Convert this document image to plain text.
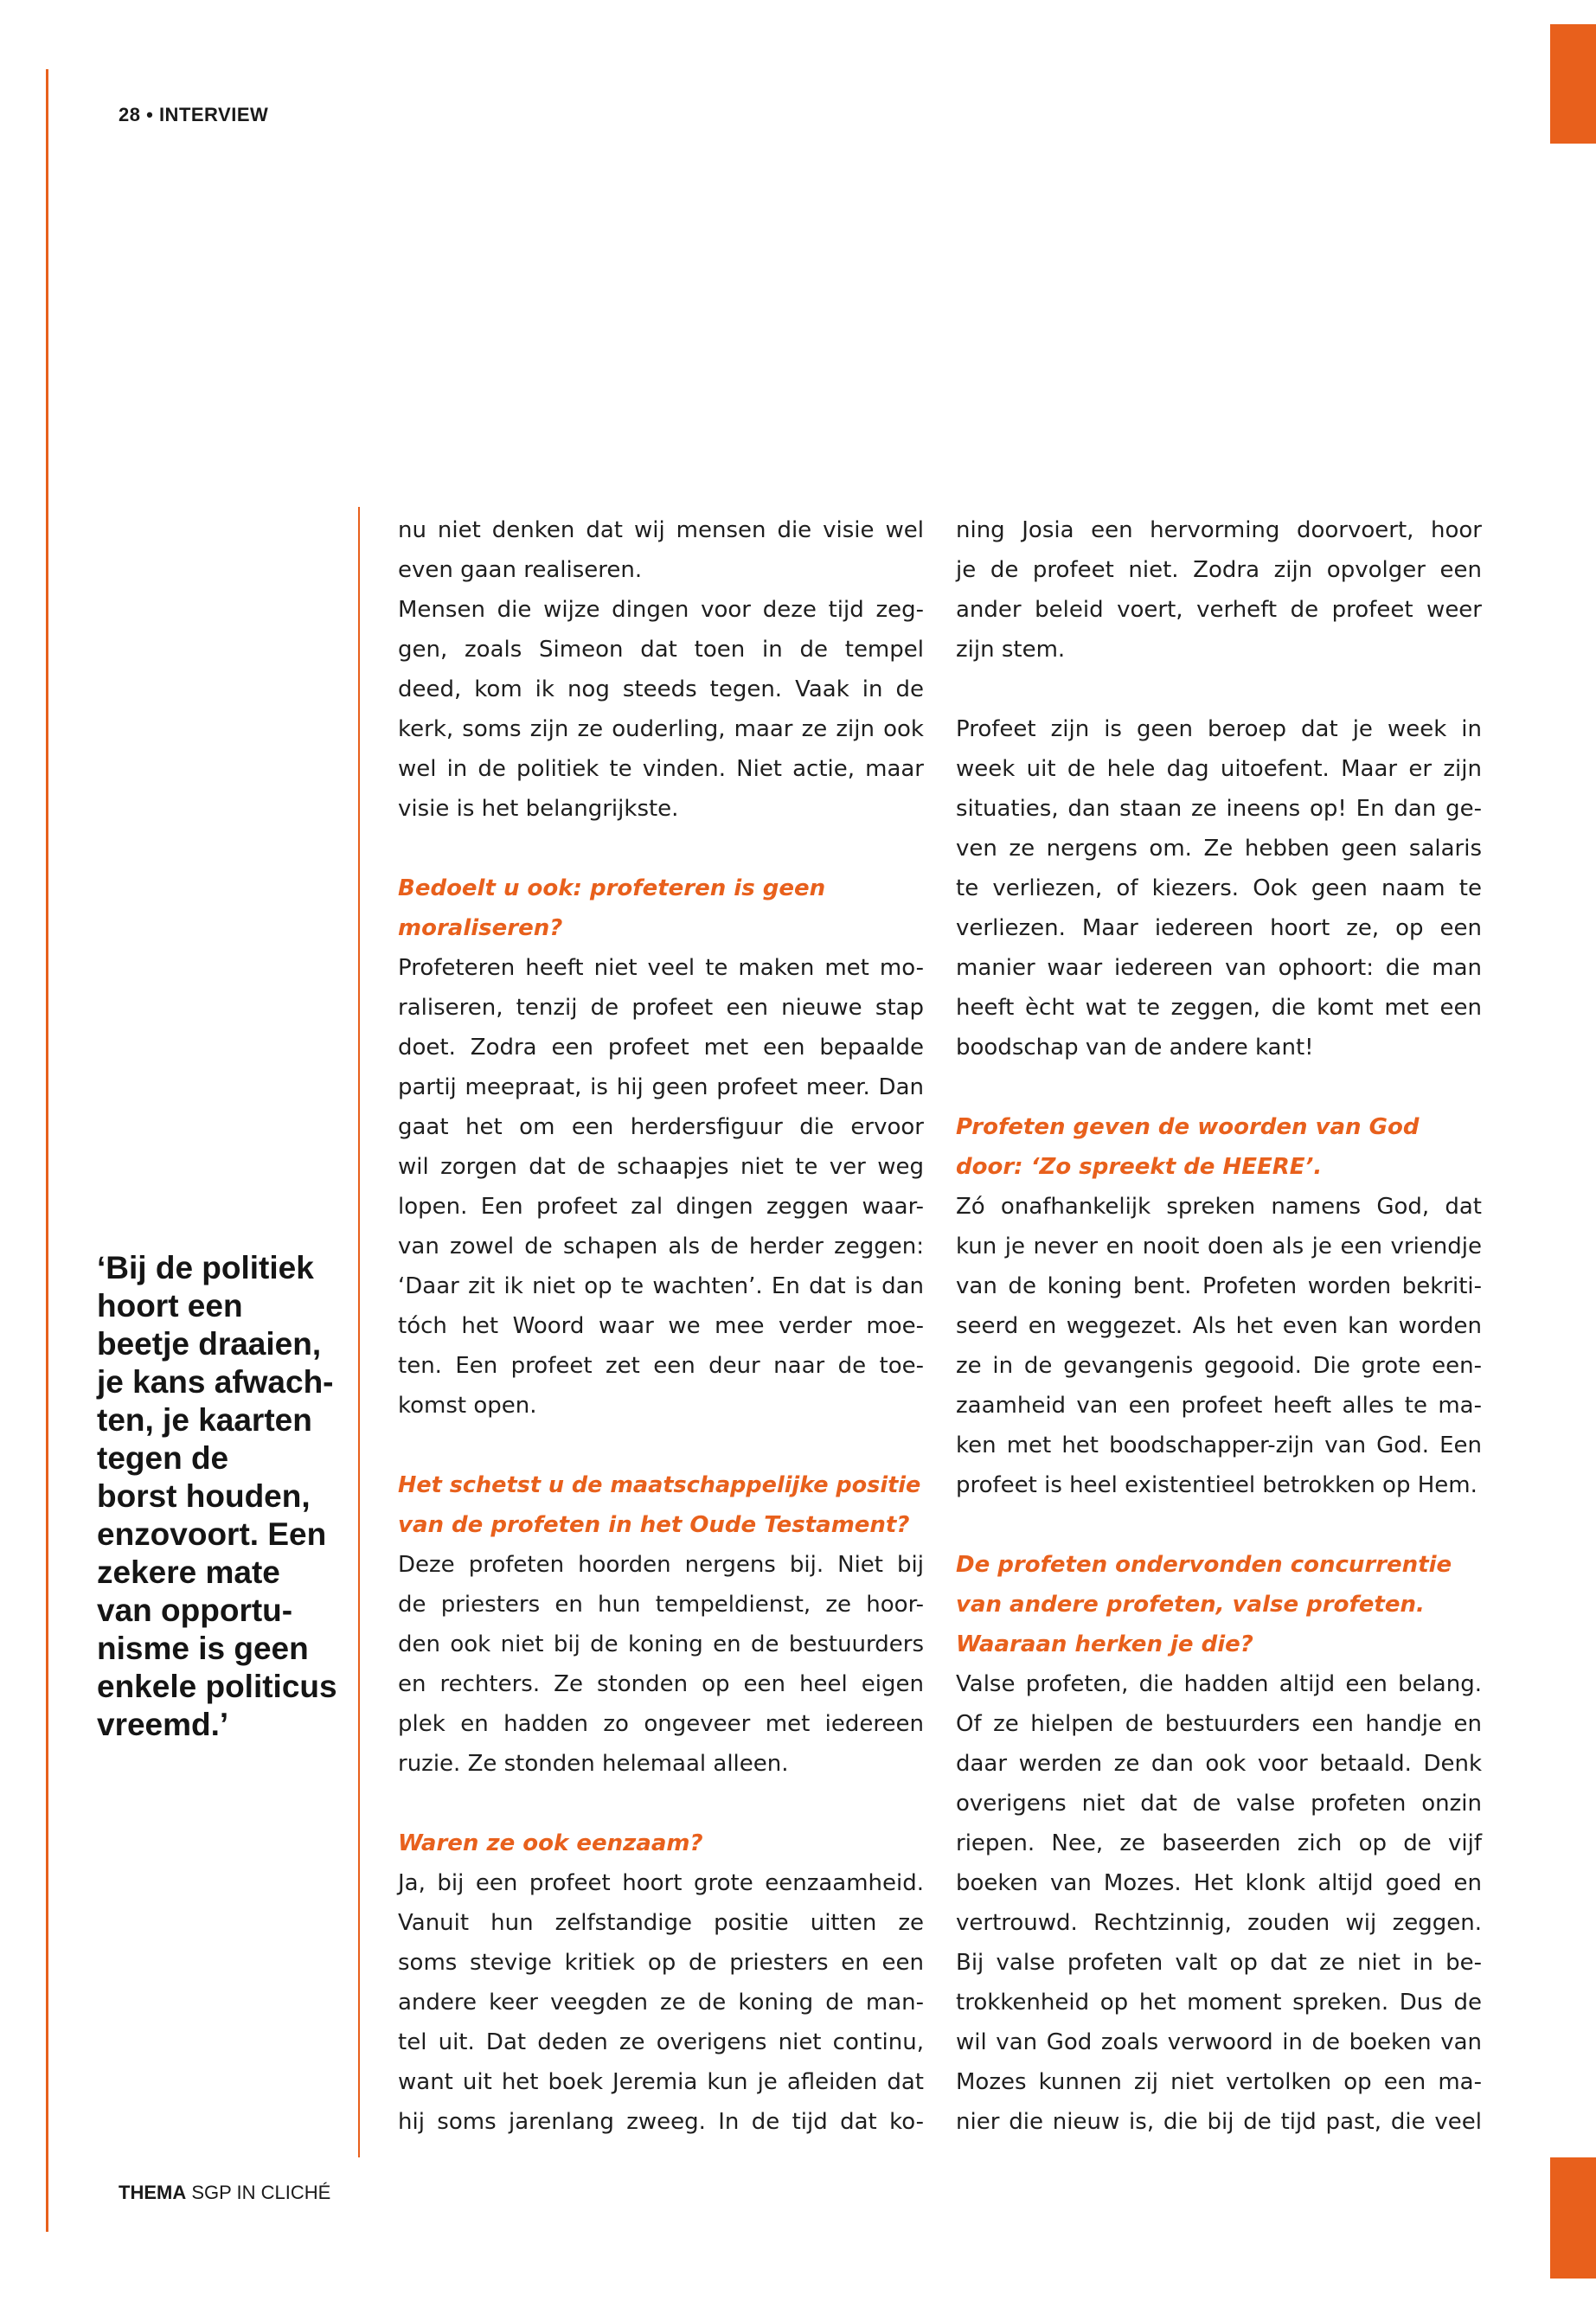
28 • INTERVIEW
‘Bij de politiek
hoort een
beetje draaien,
je kans afwach-
ten, je kaarten
tegen de
borst houden,
enzovoort. Een
zekere mate
van opportu-
nisme is geen
enkele politicus
vreemd.’
nu niet denken dat wij mensen die visie wel
even gaan realiseren.
Mensen die wijze dingen voor deze tijd zeg-
gen, zoals Simeon dat toen in de tempel
deed, kom ik nog steeds tegen. Vaak in de
kerk, soms zijn ze ouderling, maar ze zijn ook
wel in de politiek te vinden. Niet actie, maar
visie is het belangrijkste.
Bedoelt u ook: profeteren is geen
moraliseren?
Profeteren heeft niet veel te maken met mo-
raliseren, tenzij de profeet een nieuwe stap
doet. Zodra een profeet met een bepaalde
partij meepraat, is hij geen profeet meer. Dan
gaat het om een herdersfiguur die ervoor
wil zorgen dat de schaapjes niet te ver weg
lopen. Een profeet zal dingen zeggen waar-
van zowel de schapen als de herder zeggen:
‘Daar zit ik niet op te wachten’. En dat is dan
tóch het Woord waar we mee verder moe-
ten. Een profeet zet een deur naar de toe-
komst open.
Het schetst u de maatschappelijke positie
van de profeten in het Oude Testament?
Deze profeten hoorden nergens bij. Niet bij
de priesters en hun tempeldienst, ze hoor-
den ook niet bij de koning en de bestuurders
en rechters. Ze stonden op een heel eigen
plek en hadden zo ongeveer met iedereen
ruzie. Ze stonden helemaal alleen.
Waren ze ook eenzaam?
Ja, bij een profeet hoort grote eenzaamheid.
Vanuit hun zelfstandige positie uitten ze
soms stevige kritiek op de priesters en een
andere keer veegden ze de koning de man-
tel uit. Dat deden ze overigens niet continu,
want uit het boek Jeremia kun je afleiden dat
hij soms jarenlang zweeg. In de tijd dat ko-
ning Josia een hervorming doorvoert, hoor
je de profeet niet. Zodra zijn opvolger een
ander beleid voert, verheft de profeet weer
zijn stem.
Profeet zijn is geen beroep dat je week in
week uit de hele dag uitoefent. Maar er zijn
situaties, dan staan ze ineens op! En dan ge-
ven ze nergens om. Ze hebben geen salaris
te verliezen, of kiezers. Ook geen naam te
verliezen. Maar iedereen hoort ze, op een
manier waar iedereen van ophoort: die man
heeft ècht wat te zeggen, die komt met een
boodschap van de andere kant!
Profeten geven de woorden van God
door: ‘Zo spreekt de HEERE’.
Zó onafhankelijk spreken namens God, dat
kun je never en nooit doen als je een vriendje
van de koning bent. Profeten worden bekriti-
seerd en weggezet. Als het even kan worden
ze in de gevangenis gegooid. Die grote een-
zaamheid van een profeet heeft alles te ma-
ken met het boodschapper-zijn van God. Een
profeet is heel existentieel betrokken op Hem.
De profeten ondervonden concurrentie
van andere profeten, valse profeten.
Waaraan herken je die?
Valse profeten, die hadden altijd een belang.
Of ze hielpen de bestuurders een handje en
daar werden ze dan ook voor betaald. Denk
overigens niet dat de valse profeten onzin
riepen. Nee, ze baseerden zich op de vijf
boeken van Mozes. Het klonk altijd goed en
vertrouwd. Rechtzinnig, zouden wij zeggen.
Bij valse profeten valt op dat ze niet in be-
trokkenheid op het moment spreken. Dus de
wil van God zoals verwoord in de boeken van
Mozes kunnen zij niet vertolken op een ma-
nier die nieuw is, die bij de tijd past, die veel
THEMA SGP IN CLICHÉ
